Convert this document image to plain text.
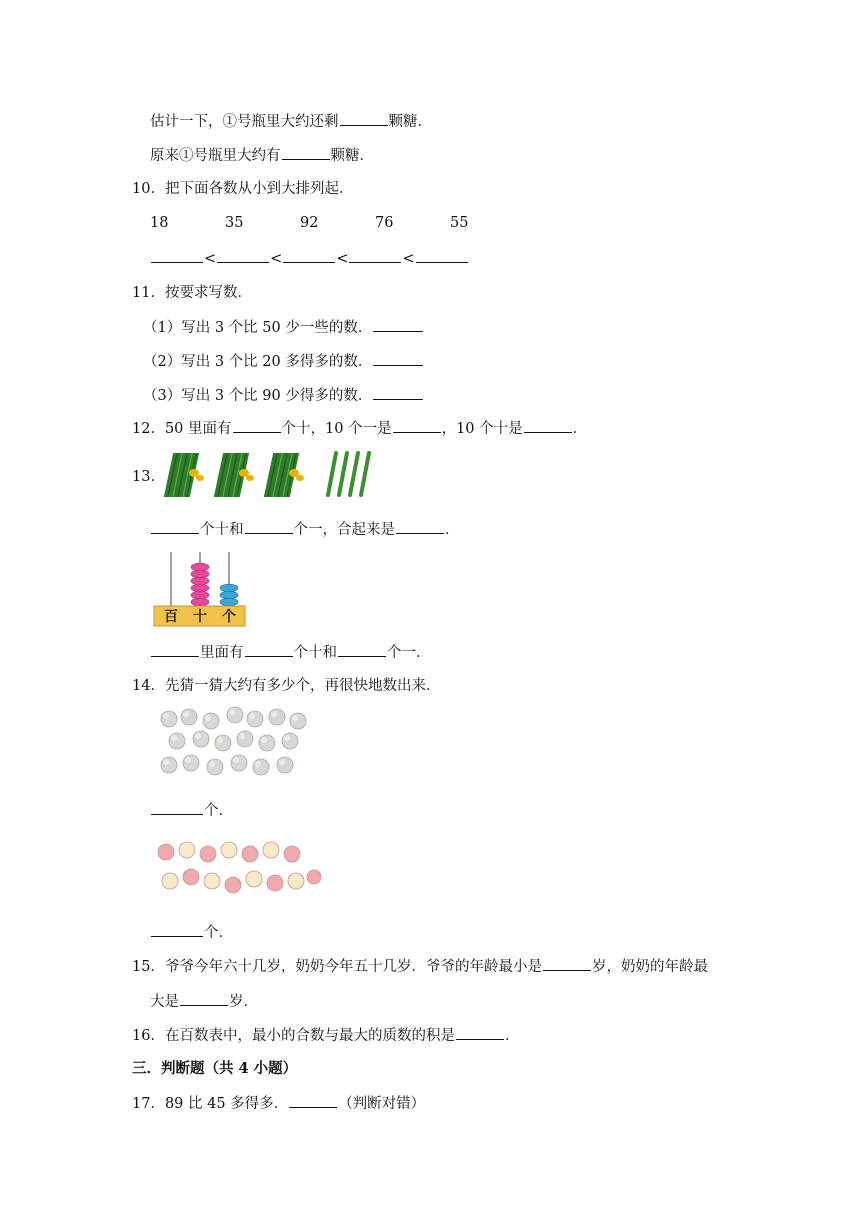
估计一下，①号瓶里大约还剩	颗糖．
原来①号瓶里大约有	颗糖．
10．把下面各数从小到大排列起．
18	35	92	76	55
<	<	<	<
11．按要求写数．
（1）写出 3 个比 50 少一些的数．
（2）写出 3 个比 20 多得多的数．
（3）写出 3 个比 90 少得多的数．
12．50 里面有	个十，10 个一是	，10 个十是	．
13．
个十和	个一，合起来是	．
百 十 个
里面有	个十和	个一．
14．先猜一猜大约有多少个，再很快地数出来．
个．
个．
15．爷爷今年六十几岁，奶奶今年五十几岁．爷爷的年龄最小是	岁，奶奶的年龄最
大是	岁．
16．在百数表中，最小的合数与最大的质数的积是	．
三．判断题（共 4 小题）
17．89 比 45 多得多．	（判断对错）
